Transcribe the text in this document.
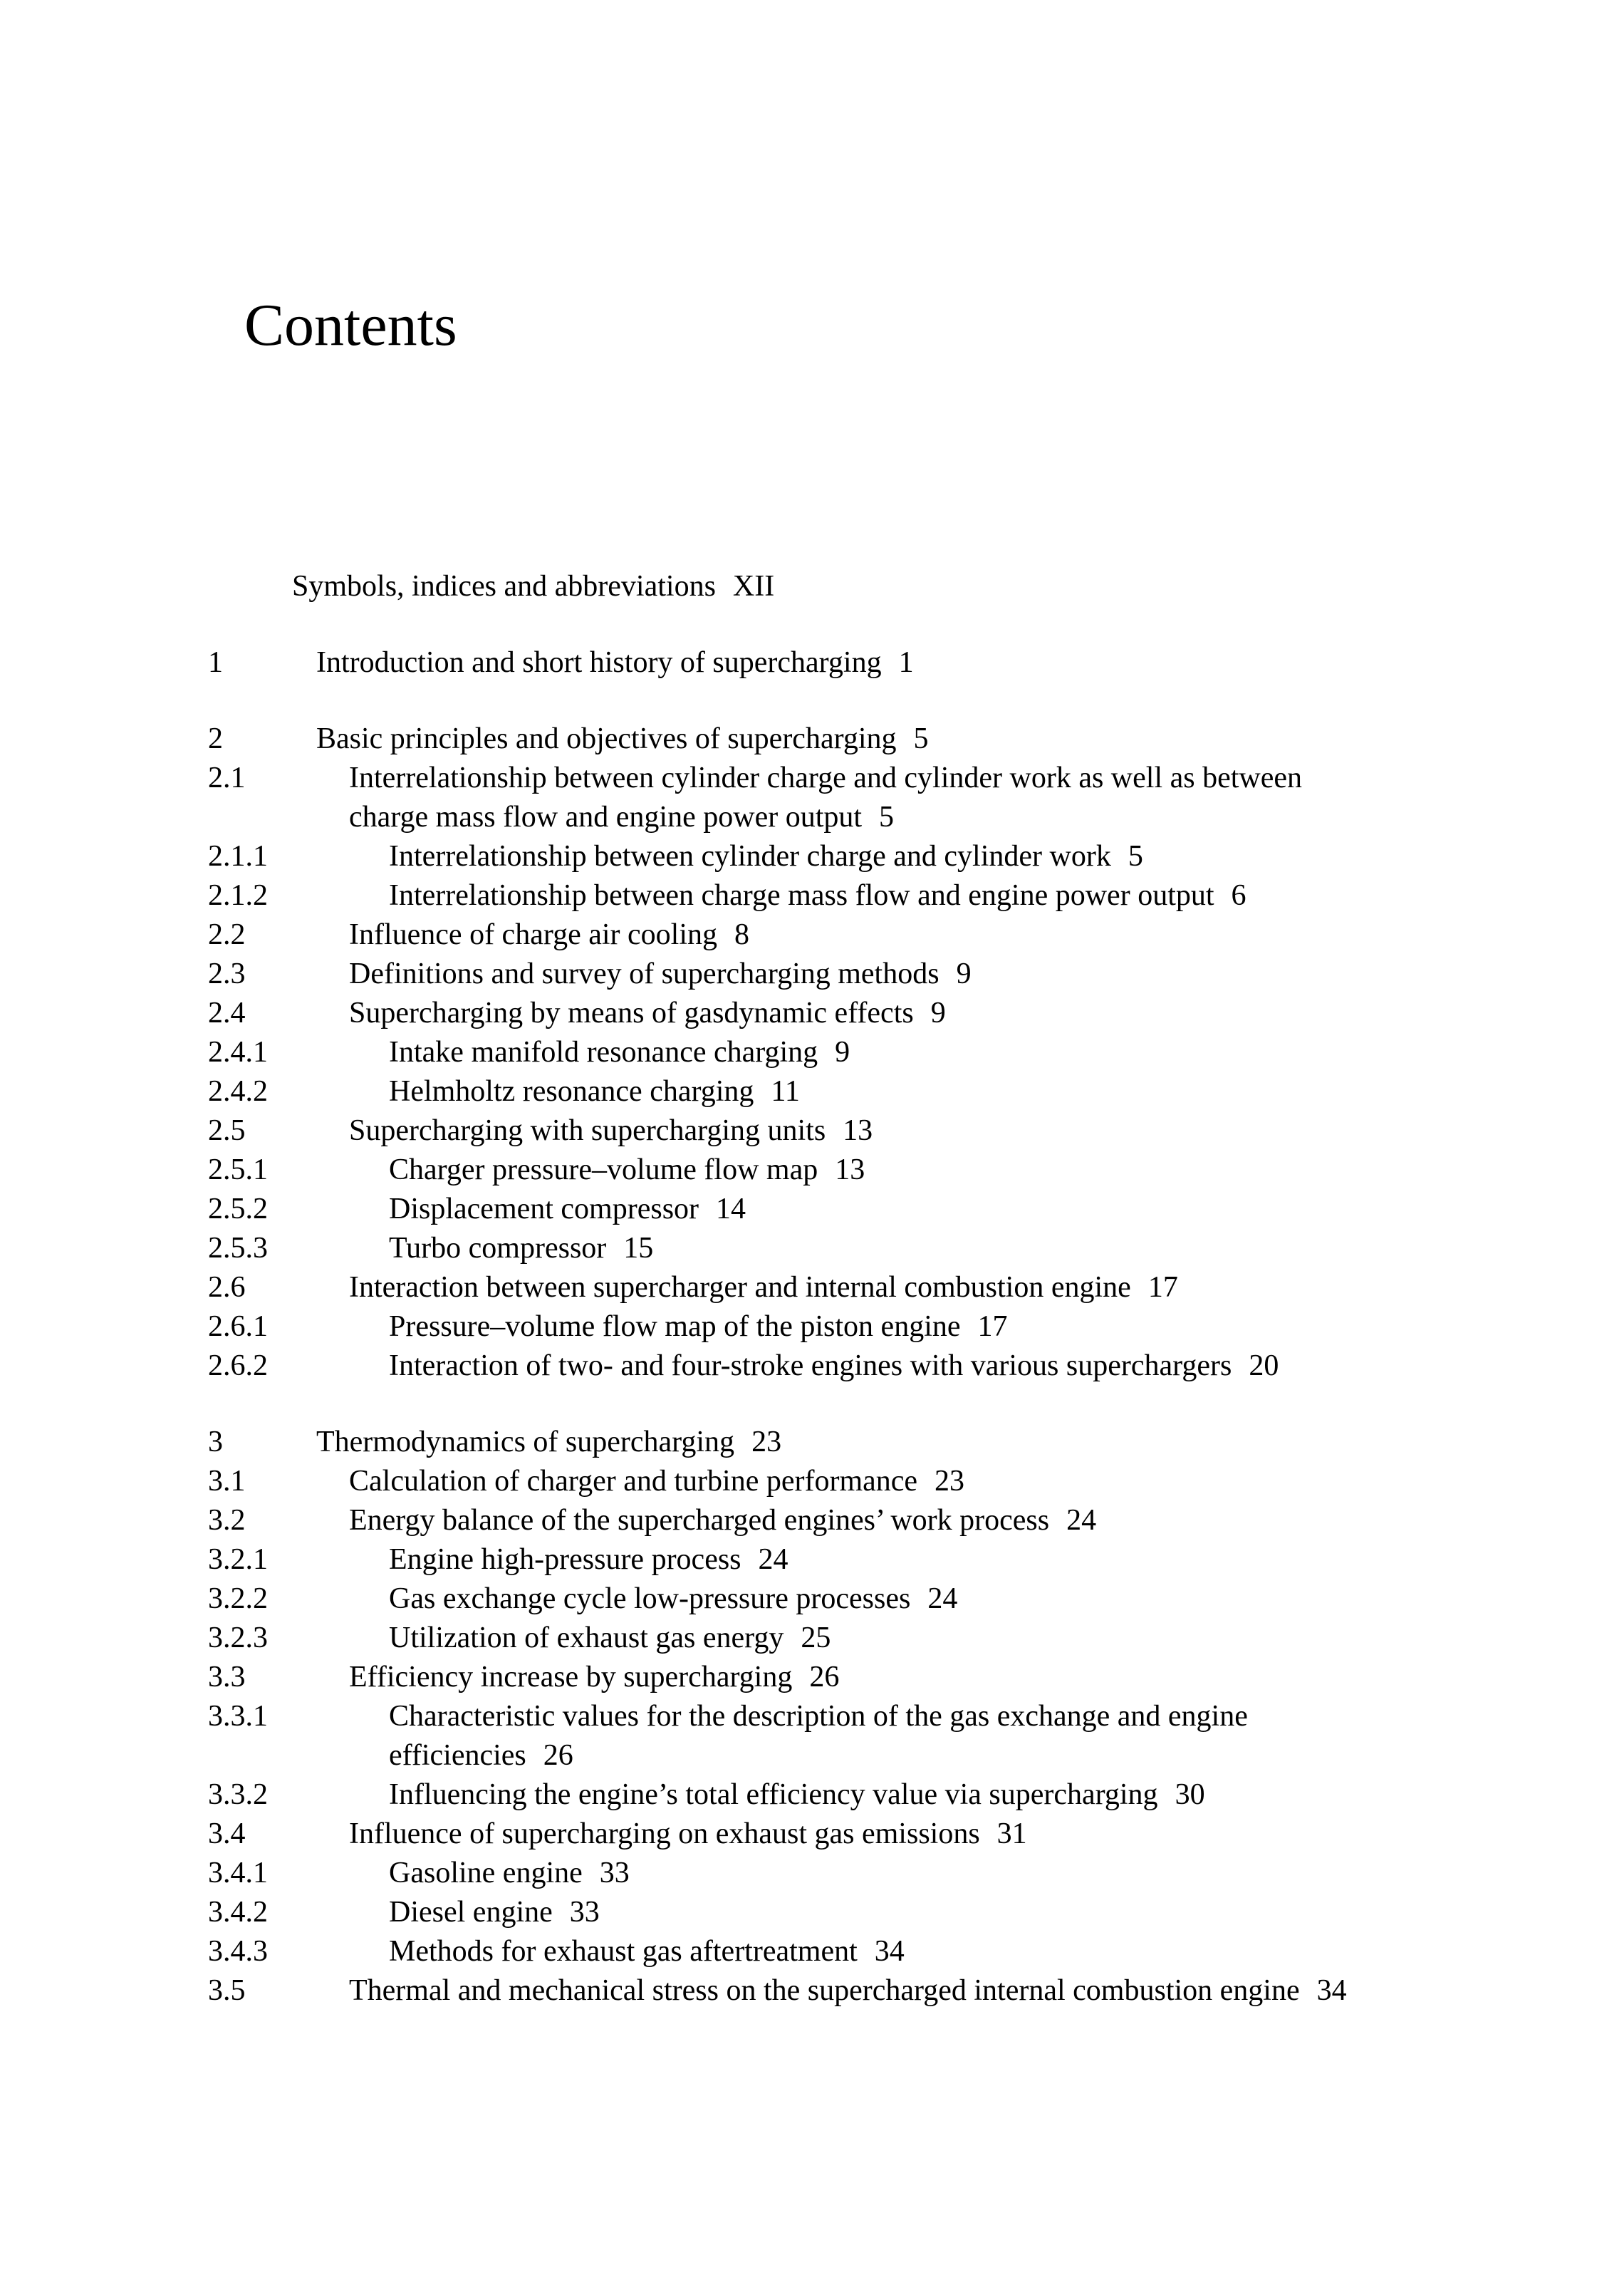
Contents
Symbols, indices and abbreviations XII
1	Introduction and short history of supercharging 1
2	Basic principles and objectives of supercharging 5
2.1	Interrelationship between cylinder charge and cylinder work as well as between
charge mass flow and engine power output 5
2.1.1	Interrelationship between cylinder charge and cylinder work 5
2.1.2	Interrelationship between charge mass flow and engine power output 6
2.2	Influence of charge air cooling 8
2.3	Definitions and survey of supercharging methods 9
2.4	Supercharging by means of gasdynamic effects 9
2.4.1	Intake manifold resonance charging 9
2.4.2	Helmholtz resonance charging 11
2.5	Supercharging with supercharging units 13
2.5.1	Charger pressure–volume flow map 13
2.5.2	Displacement compressor 14
2.5.3	Turbo compressor 15
2.6	Interaction between supercharger and internal combustion engine 17
2.6.1	Pressure–volume flow map of the piston engine 17
2.6.2	Interaction of two- and four-stroke engines with various superchargers 20
3	Thermodynamics of supercharging 23
3.1	Calculation of charger and turbine performance 23
3.2	Energy balance of the supercharged engines’ work process 24
3.2.1	Engine high-pressure process 24
3.2.2	Gas exchange cycle low-pressure processes 24
3.2.3	Utilization of exhaust gas energy 25
3.3	Efficiency increase by supercharging 26
3.3.1	Characteristic values for the description of the gas exchange and engine
efficiencies 26
3.3.2	Influencing the engine’s total efficiency value via supercharging 30
3.4	Influence of supercharging on exhaust gas emissions 31
3.4.1	Gasoline engine 33
3.4.2	Diesel engine 33
3.4.3	Methods for exhaust gas aftertreatment 34
3.5	Thermal and mechanical stress on the supercharged internal combustion engine 34
